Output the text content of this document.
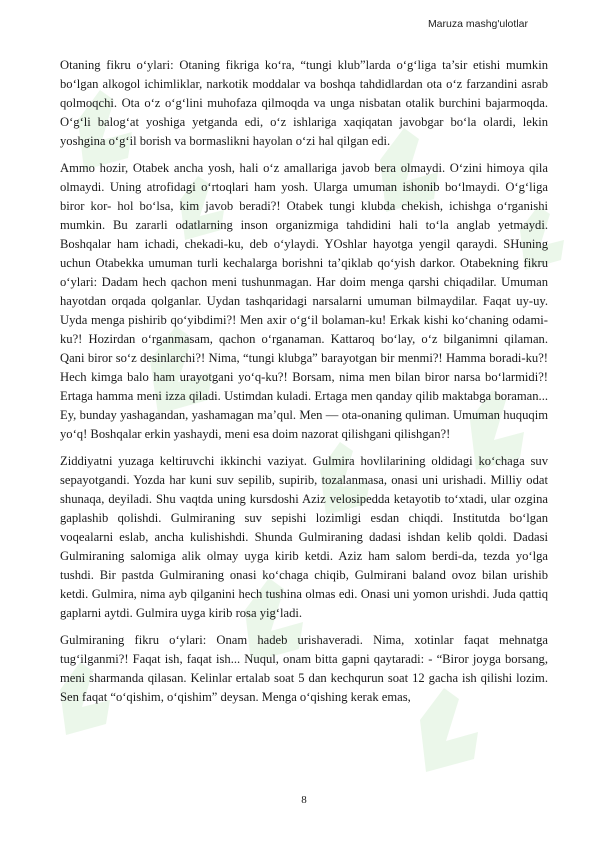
Maruza mashg'ulotlar

Otaning fikru o‘ylari: Otaning fikriga ko‘ra, “tungi klub”larda o‘g‘liga ta’sir etishi mumkin bo‘lgan alkogol ichimliklar, narkotik moddalar va boshqa tahdidlardan ota o‘z farzandini asrab qolmoqchi. Ota o‘z o‘g‘lini muhofaza qilmoqda va unga nisbatan otalik burchini bajarmoqda. O‘g‘li balog‘at yoshiga yetganda edi, o‘z ishlariga xaqiqatan javobgar bo‘la olardi, lekin yoshgina o‘g‘il borish va bormaslikni hayolan o‘zi hal qilgan edi.

Ammo hozir, Otabek ancha yosh, hali o‘z amallariga javob bera olmaydi. O‘zini himoya qila olmaydi. Uning atrofidagi o‘rtoqlari ham yosh. Ularga umuman ishonib bo‘lmaydi. O‘g‘liga biror kor- hol bo‘lsa, kim javob beradi?! Otabek tungi klubda chekish, ichishga o‘rganishi mumkin. Bu zararli odatlarning inson organizmiga tahdidini hali to‘la anglab yetmaydi. Boshqalar ham ichadi, chekadi-ku, deb o‘ylaydi. YOshlar hayotga yengil qaraydi. SHuning uchun Otabekka umuman turli kechalarga borishni ta’qiklab qo‘yish darkor. Otabekning fikru o‘ylari: Dadam hech qachon meni tushunmagan. Har doim menga qarshi chiqadilar. Umuman hayotdan orqada qolganlar. Uydan tashqaridagi narsalarni umuman bilmaydilar. Faqat uy-uy. Uyda menga pishirib qo‘yibdimi?! Men axir o‘g‘il bolaman-ku! Erkak kishi ko‘chaning odami-ku?! Hozirdan o‘rganmasam, qachon o‘rganaman. Kattaroq bo‘lay, o‘z bilganimni qilaman. Qani biror so‘z desinlarchi?! Nima, “tungi klubga” barayotgan bir menmi?! Hamma boradi-ku?! Hech kimga balo ham urayotgani yo‘q-ku?! Borsam, nima men bilan biror narsa bo‘larmidi?! Ertaga hamma meni izza qiladi. Ustimdan kuladi. Ertaga men qanday qilib maktabga boraman... Ey, bunday yashagandan, yashamagan ma’qul. Men — ota-onaning quliman. Umuman huquqim yo‘q! Boshqalar erkin yashaydi, meni esa doim nazorat qilishgani qilishgan?!

Ziddiyatni yuzaga keltiruvchi ikkinchi vaziyat. Gulmira hovlilarining oldidagi ko‘chaga suv sepayotgandi. Yozda har kuni suv sepilib, supirib, tozalanmasa, onasi uni urishadi. Milliy odat shunaqa, deyiladi. Shu vaqtda uning kursdoshi Aziz velosipedda ketayotib to‘xtadi, ular ozgina gaplashib qolishdi. Gulmiraning suv sepishi lozimligi esdan chiqdi. Institutda bo‘lgan voqealarni eslab, ancha kulishishdi. Shunda Gulmiraning dadasi ishdan kelib qoldi. Dadasi Gulmiraning salomiga alik olmay uyga kirib ketdi. Aziz ham salom berdi-da, tezda yo‘lga tushdi. Bir pastda Gulmiraning onasi ko‘chaga chiqib, Gulmirani baland ovoz bilan urishib ketdi. Gulmira, nima ayb qilganini hech tushina olmas edi. Onasi uni yomon urishdi. Juda qattiq gaplarni aytdi. Gulmira uyga kirib rosa yig‘ladi.

Gulmiraning fikru o‘ylari: Onam hadeb urishaveradi. Nima, xotinlar faqat mehnatga tug‘ilganmi?! Faqat ish, faqat ish... Nuqul, onam bitta gapni qaytaradi: - “Biror joyga borsang, meni sharmanda qilasan. Kelinlar ertalab soat 5 dan kechqurun soat 12 gacha ish qilishi lozim. Sen faqat “o‘qishim, o‘qishim” deysan. Menga o‘qishing kerak emas,

8
